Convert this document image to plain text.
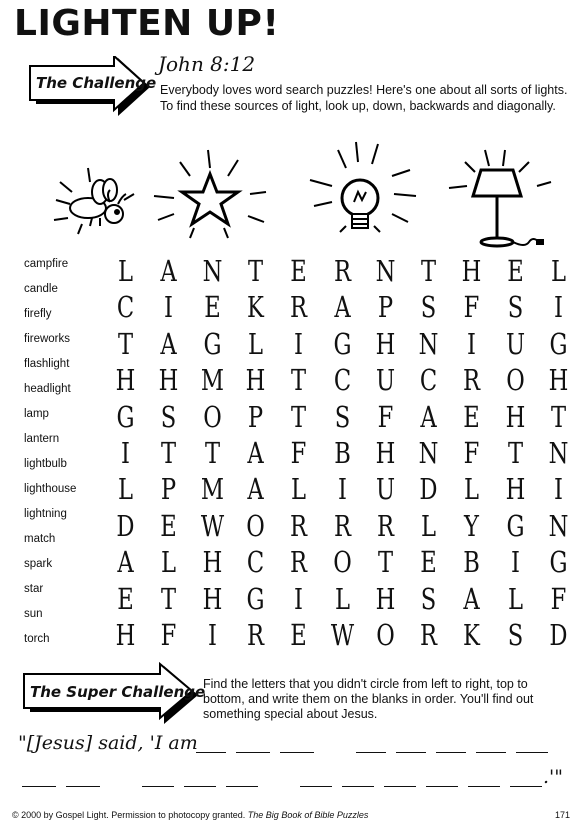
LIGHTEN UP!
The Challenge
John 8:12
Everybody loves word search puzzles! Here's one about all sorts of lights. To find these sources of light, look up, down, backwards and diagonally.
campfire
candle
firefly
fireworks
flashlight
headlight
lamp
lantern
lightbulb
lighthouse
lightning
match
spark
star
sun
torch
L A N T E R N T H E L
C	I	E K R A P S F S	I
T A G L	I	G H N I	U G
H H M H T C U C R O H
G S O P T S F A E H T
I	T T A F B H N F T N
L P M A L	I	U D L H I
D E W O R R R L Y G N
A L H C R O T E B	I	G
E T H G	I	L H S A L F
H F	I	R E W O R K S D
The Super Challenge
Find the letters that you didn't circle from left to right, top to bottom, and write them on the blanks in order. You'll find out something special about Jesus.
"[Jesus] said, 'I am
.'"
© 2000 by Gospel Light. Permission to photocopy granted. The Big Book of Bible Puzzles	171
